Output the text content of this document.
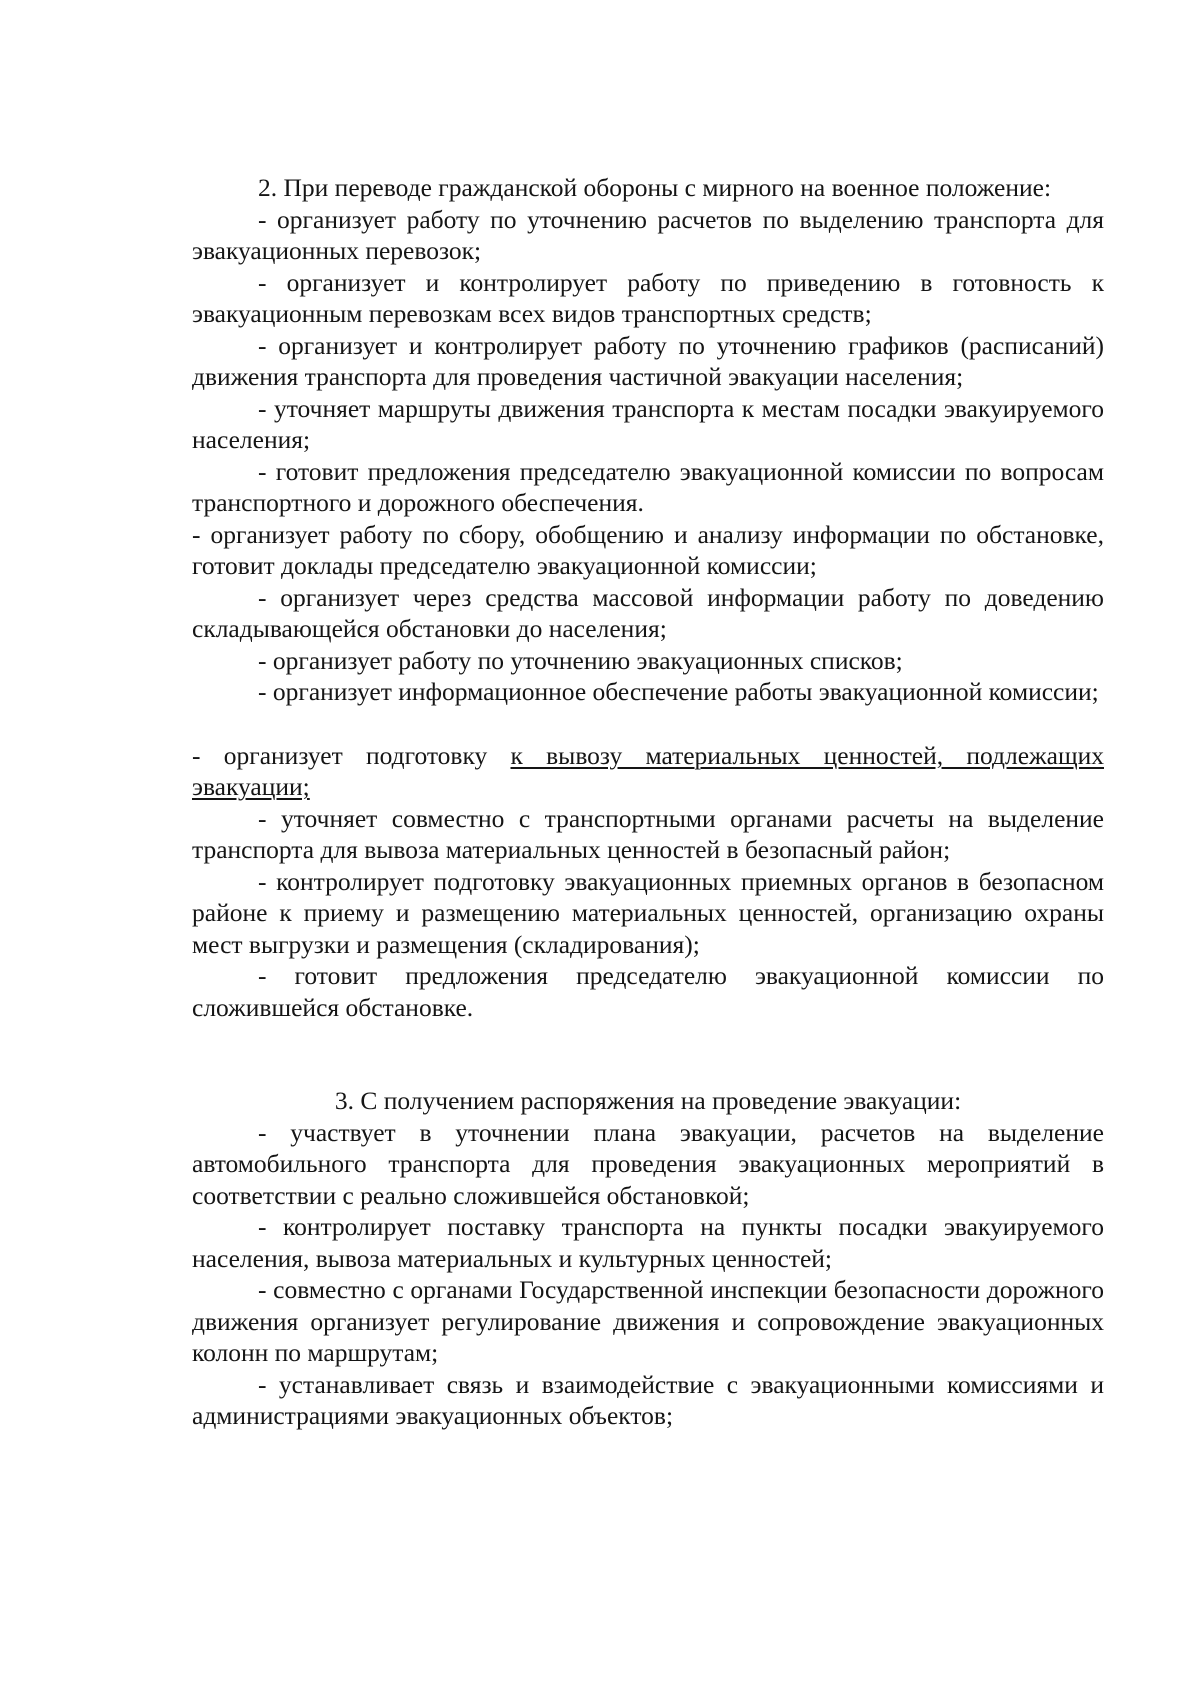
2. При переводе гражданской обороны с мирного на военное положение:

- организует работу по уточнению расчетов по выделению транспорта для эвакуационных перевозок;

- организует и контролирует работу по приведению в готовность к эвакуационным перевозкам всех видов транспортных средств;

- организует и контролирует работу по уточнению графиков (расписаний) движения транспорта для проведения частичной эвакуации населения;

- уточняет маршруты движения транспорта к местам посадки эвакуируемого населения;

- готовит предложения председателю эвакуационной комиссии по вопросам транспортного и дорожного обеспечения.

- организует работу по сбору, обобщению и анализу информации по обстановке, готовит доклады председателю эвакуационной комиссии;

- организует через средства массовой информации работу по доведению складывающейся обстановки до населения;

- организует работу по уточнению эвакуационных списков;

- организует информационное обеспечение работы эвакуационной комиссии;

- организует подготовку к вывозу материальных ценностей, подлежащих эвакуации;

- уточняет совместно с транспортными органами расчеты на выделение транспорта для вывоза материальных ценностей в безопасный район;

- контролирует подготовку эвакуационных приемных органов в безопасном районе к приему и размещению материальных ценностей, организацию охраны мест выгрузки и размещения (складирования);

- готовит предложения председателю эвакуационной комиссии по сложившейся обстановке.

3. С получением распоряжения на проведение эвакуации:

- участвует в уточнении плана эвакуации, расчетов на выделение автомобильного транспорта для проведения эвакуационных мероприятий в соответствии с реально сложившейся обстановкой;

- контролирует поставку транспорта на пункты посадки эвакуируемого населения, вывоза материальных и культурных ценностей;

- совместно с органами Государственной инспекции безопасности дорожного движения организует регулирование движения и сопровождение эвакуационных колонн по маршрутам;

- устанавливает связь и взаимодействие с эвакуационными комиссиями и администрациями эвакуационных объектов;
